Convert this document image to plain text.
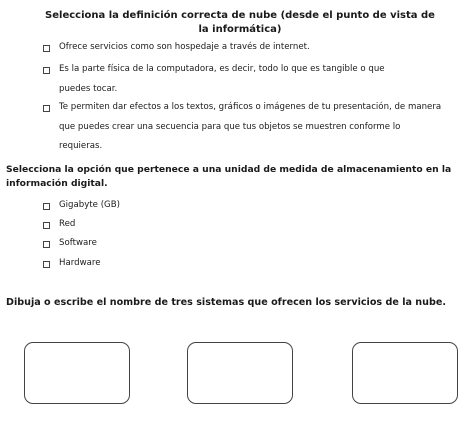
Selecciona la definición correcta de nube (desde el punto de vista de la informática)
Ofrece servicios como son hospedaje a través de internet.
Es la parte física de la computadora, es decir, todo lo que es tangible o que puedes tocar.
Te permiten dar efectos a los textos, gráficos o imágenes de tu presentación, de manera que puedes crear una secuencia para que tus objetos se muestren conforme lo requieras.
Selecciona la opción que pertenece a una unidad de medida de almacenamiento en la información digital.
Gigabyte (GB)
Red
Software
Hardware
Dibuja o escribe el nombre de tres sistemas que ofrecen los servicios de la nube.
